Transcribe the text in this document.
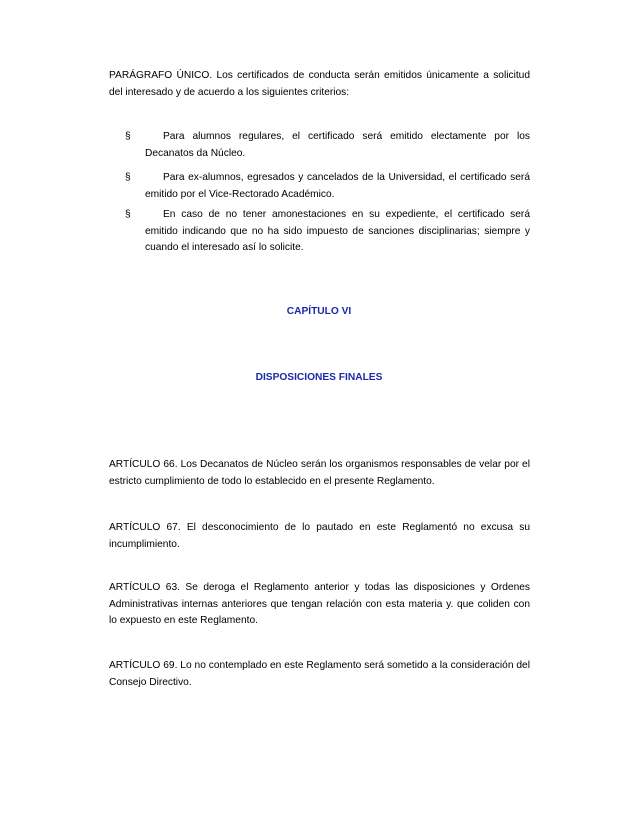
PARÁGRAFO ÚNICO. Los certificados de conducta serán emitidos únicamente a solicitud del interesado y de acuerdo a los siguientes criterios:

§	Para alumnos regulares, el certificado será emitido electamente por los Decanatos da Núcleo.

§	Para ex-alumnos, egresados y cancelados de la Universidad, el certificado será emitido por el Vice-Rectorado Académico.

§	En caso de no tener amonestaciones en su expediente, el certificado será emitido indicando que no ha sido impuesto de sanciones disciplinarias; siempre y cuando el interesado así lo solicite.

CAPÍTULO VI

DISPOSICIONES FINALES

ARTÍCULO 66. Los Decanatos de Núcleo serán los organismos responsables de velar por el estricto cumplimiento de todo lo establecido en el presente Reglamento.

ARTÍCULO 67. El desconocimiento de lo pautado en este Reglamentó no excusa su incumplimiento.

ARTÍCULO 63. Se deroga el Reglamento anterior y todas las disposiciones y Ordenes Administrativas internas anteriores que tengan relación con esta materia y. que coliden con lo expuesto en este Reglamento.

ARTÍCULO 69. Lo no contemplado en este Reglamento será sometido a la consideración del Consejo Directivo.
